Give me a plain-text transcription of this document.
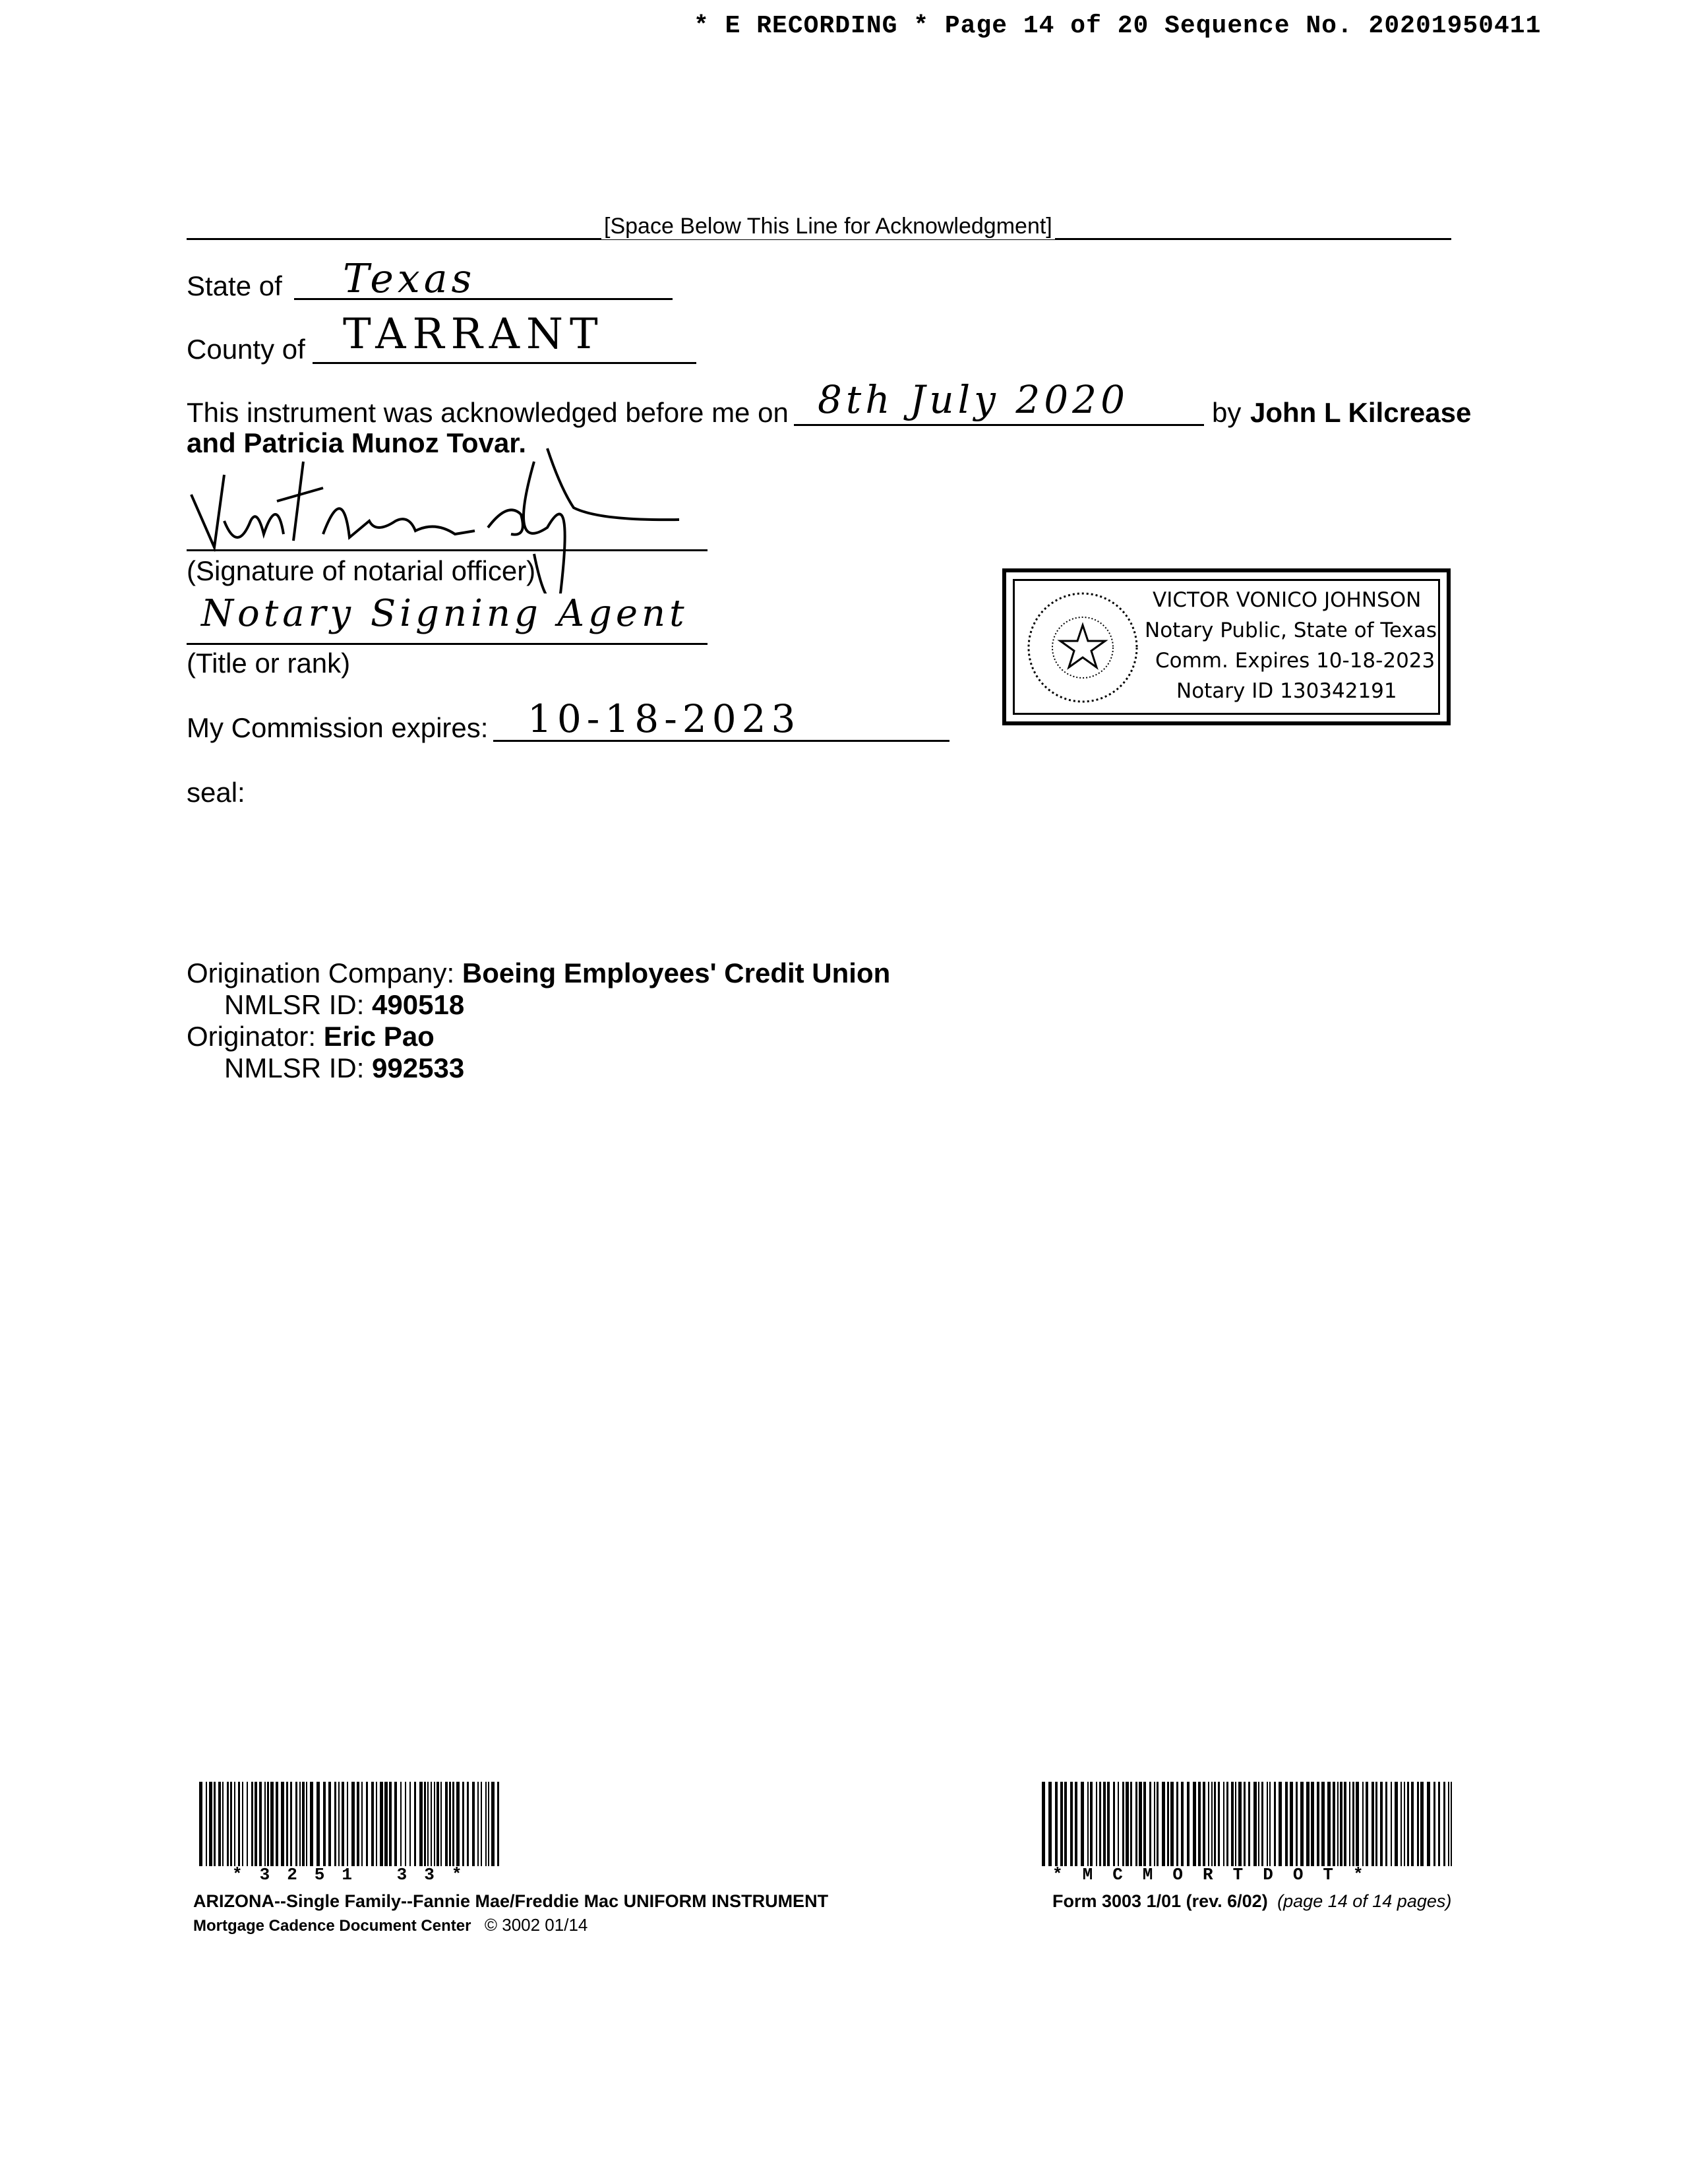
* E RECORDING * Page 14 of 20 Sequence No. 20201950411
[Space Below This Line for Acknowledgment]
State of Texas
County of TARRANT
This instrument was acknowledged before me on 8th July 2020	by John L Kilcrease
and Patricia Munoz Tovar.
(Signature of notarial officer)
Notary Signing Agent
(Title or rank)
My Commission expires: 10-18-2023
seal:
VICTOR VONICO JOHNSON
Notary Public, State of Texas
Comm. Expires 10-18-2023
Notary ID 130342191
Origination Company: Boeing Employees' Credit Union
NMLSR ID: 490518
Originator: Eric Pao
NMLSR ID: 992533
*3251 33*	*MCMORTDOT*
ARIZONA--Single Family--Fannie Mae/Freddie Mac UNIFORM INSTRUMENT
Mortgage Cadence Document Center © 3002 01/14
Form 3003 1/01 (rev. 6/02) (page 14 of 14 pages)
